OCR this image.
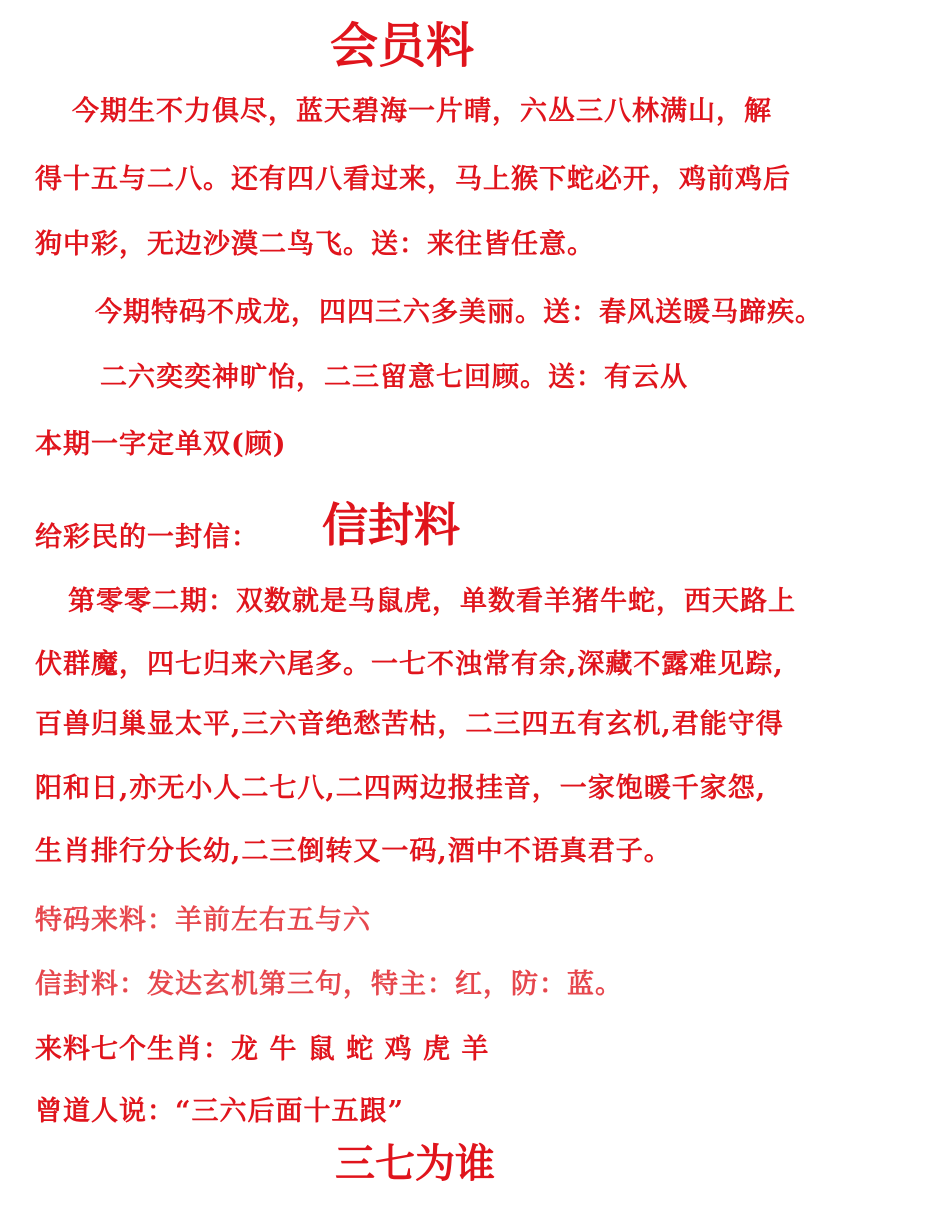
会员料
今期生不力俱尽，蓝天碧海一片晴，六丛三八林满山，解
得十五与二八。还有四八看过来，马上猴下蛇必开，鸡前鸡后
狗中彩，无边沙漠二鸟飞。送：来往皆任意。
今期特码不成龙，四四三六多美丽。送：春风送暖马蹄疾。
二六奕奕神旷怡，二三留意七回顾。送：有云从
本期一字定单双(顾)
给彩民的一封信： 信封料
第零零二期：双数就是马鼠虎，单数看羊猪牛蛇，西天路上
伏群魔，四七归来六尾多。一七不浊常有余,深藏不露难见踪,
百兽归巢显太平,三六音绝愁苦枯，二三四五有玄机,君能守得
阳和日,亦无小人二七八,二四两边报挂音，一家饱暖千家怨,
生肖排行分长幼,二三倒转又一码,酒中不语真君子。
特码来料：羊前左右五与六
信封料：发达玄机第三句，特主：红，防：蓝。
来料七个生肖：龙 牛 鼠 蛇 鸡 虎 羊
曾道人说：“三六后面十五跟”
三七为谁
